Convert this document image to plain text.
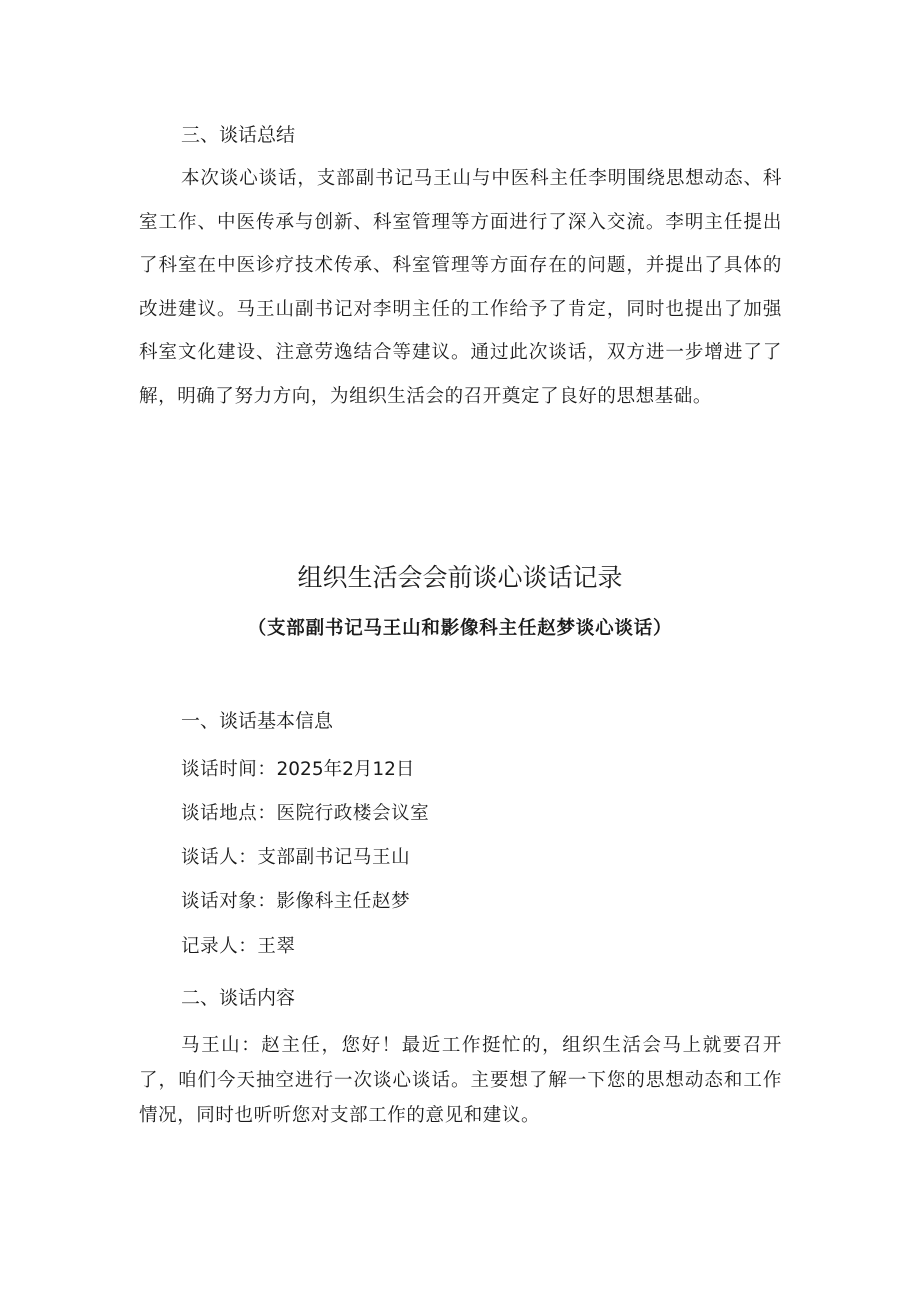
三、谈话总结

本次谈心谈话，支部副书记马王山与中医科主任李明围绕思想动态、科室工作、中医传承与创新、科室管理等方面进行了深入交流。李明主任提出了科室在中医诊疗技术传承、科室管理等方面存在的问题，并提出了具体的改进建议。马王山副书记对李明主任的工作给予了肯定，同时也提出了加强科室文化建设、注意劳逸结合等建议。通过此次谈话，双方进一步增进了了解，明确了努力方向，为组织生活会的召开奠定了良好的思想基础。

组织生活会会前谈心谈话记录

（支部副书记马王山和影像科主任赵梦谈心谈话）

一、谈话基本信息

谈话时间：2025年2月12日

谈话地点：医院行政楼会议室

谈话人：支部副书记马王山

谈话对象：影像科主任赵梦

记录人：王翠

二、谈话内容

马王山：赵主任，您好！最近工作挺忙的，组织生活会马上就要召开了，咱们今天抽空进行一次谈心谈话。主要想了解一下您的思想动态和工作情况，同时也听听您对支部工作的意见和建议。
